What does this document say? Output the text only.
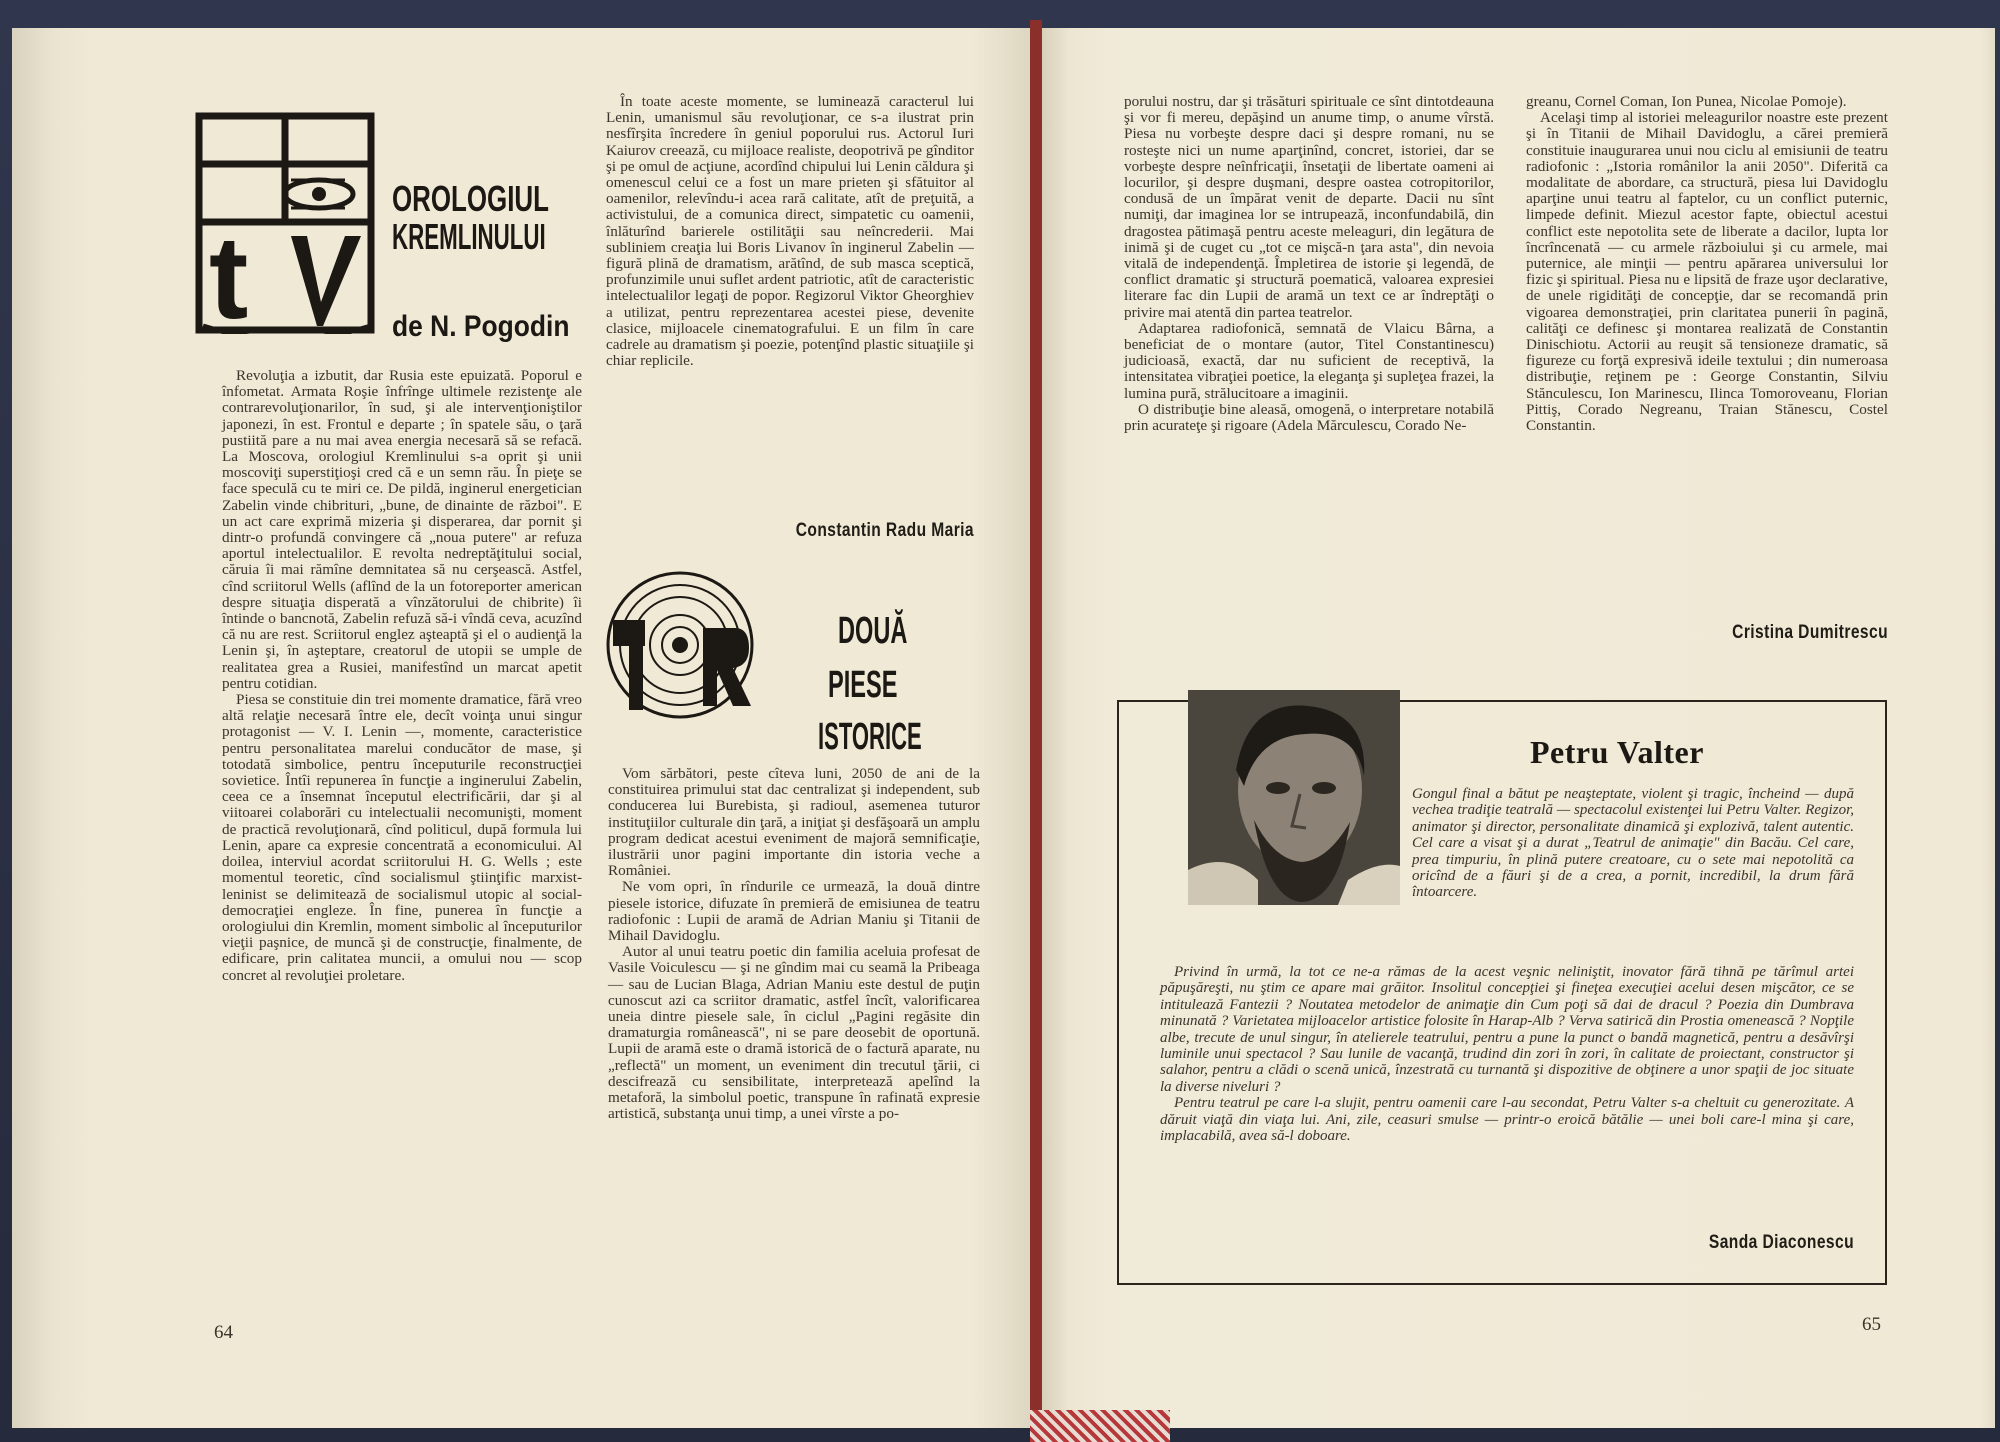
t
OROLOGIUL
KREMLINULUI
de N. Pogodin

Revoluţia a izbutit, dar Rusia este epuizată. Poporul e înfometat. Armata Roşie înfrînge ultimele rezistenţe ale contrarevoluţionarilor, în sud, şi ale intervenţioniştilor japonezi, în est. Frontul e departe ; în spatele său, o ţară pustiită pare a nu mai avea energia necesară să se refacă. La Moscova, orologiul Kremlinului s-a oprit şi unii moscoviţi superstiţioşi cred că e un semn rău. În pieţe se face speculă cu te miri ce. De pildă, inginerul energetician Zabelin vinde chibrituri, „bune, de dinainte de război". E un act care exprimă mizeria şi disperarea, dar pornit şi dintr-o profundă convingere că „noua putere" ar refuza aportul intelectualilor. E revolta nedreptăţitului social, căruia îi mai rămîne demnitatea să nu cerşească. Astfel, cînd scriitorul Wells (aflînd de la un fotoreporter american despre situaţia disperată a vînzătorului de chibrite) îi întinde o bancnotă, Zabelin refuză să-i vîndă ceva, acuzînd că nu are rest. Scriitorul englez aşteaptă şi el o audienţă la Lenin şi, în aşteptare, creatorul de utopii se umple de realitatea grea a Rusiei, manifestînd un marcat apetit pentru cotidian.

Piesa se constituie din trei momente dramatice, fără vreo altă relaţie necesară între ele, decît voinţa unui singur protagonist — V. I. Lenin —, momente, caracteristice pentru personalitatea marelui conducător de mase, şi totodată simbolice, pentru începuturile reconstrucţiei sovietice. Întîi repunerea în funcţie a inginerului Zabelin, ceea ce a însemnat începutul electrificării, dar şi al viitoarei colaborări cu intelectualii necomunişti, moment de practică revoluţionară, cînd politicul, după formula lui Lenin, apare ca expresie concentrată a economicului. Al doilea, interviul acordat scriitorului H. G. Wells ; este momentul teoretic, cînd socialismul ştiinţific marxist-leninist se delimitează de socialismul utopic al social-democraţiei engleze. În fine, punerea în funcţie a orologiului din Kremlin, moment simbolic al începuturilor vieţii paşnice, de muncă şi de construcţie, finalmente, de edificare, prin calitatea muncii, a omului nou — scop concret al revoluţiei proletare.

În toate aceste momente, se luminează caracterul lui Lenin, umanismul său revoluţionar, ce s-a ilustrat prin nesfîrşita încredere în geniul poporului rus. Actorul Iuri Kaiurov creează, cu mijloace realiste, deopotrivă pe gînditor şi pe omul de acţiune, acordînd chipului lui Lenin căldura şi omenescul celui ce a fost un mare prieten şi sfătuitor al oamenilor, relevîndu-i acea rară calitate, atît de preţuită, a activistului, de a comunica direct, simpatetic cu oamenii, înlăturînd barierele ostilităţii sau neîncrederii. Mai subliniem creaţia lui Boris Livanov în inginerul Zabelin — figură plină de dramatism, arătînd, de sub masca sceptică, profunzimile unui suflet ardent patriotic, atît de caracteristic intelectualilor legaţi de popor. Regizorul Viktor Gheorghiev a utilizat, pentru reprezentarea acestei piese, devenite clasice, mijloacele cinematografului. E un film în care cadrele au dramatism şi poezie, potenţînd plastic situaţiile şi chiar replicile.

Constantin Radu Maria
DOUĂ
PIESE
ISTORICE

Vom sărbători, peste cîteva luni, 2050 de ani de la constituirea primului stat dac centralizat şi independent, sub conducerea lui Burebista, şi radioul, asemenea tuturor instituţiilor culturale din ţară, a iniţiat şi desfăşoară un amplu program dedicat acestui eveniment de majoră semnificaţie, ilustrării unor pagini importante din istoria veche a României.

Ne vom opri, în rîndurile ce urmează, la două dintre piesele istorice, difuzate în premieră de emisiunea de teatru radiofonic : Lupii de aramă de Adrian Maniu şi Titanii de Mihail Davidoglu.

Autor al unui teatru poetic din familia aceluia profesat de Vasile Voiculescu — şi ne gîndim mai cu seamă la Pribeagа — sau de Lucian Blaga, Adrian Maniu este destul de puţin cunoscut azi ca scriitor dramatic, astfel încît, valorificarea uneia dintre piesele sale, în ciclul „Pagini regăsite din dramaturgia românească", ni se pare deosebit de oportună. Lupii de aramă este o dramă istorică de o factură aparate, nu „reflectă" un moment, un eveniment din trecutul ţării, ci descifrează cu sensibilitate, interpretează apelînd la metaforă, la simbolul poetic, transpune în rafinată expresie artistică, substanţa unui timp, a unei vîrste a po-

64

porului nostru, dar şi trăsături spirituale ce sînt dintotdeauna şi vor fi mereu, depăşind un anume timp, o anume vîrstă. Piesa nu vorbeşte despre daci şi despre romani, nu se rosteşte nici un nume aparţinînd, concret, istoriei, dar se vorbeşte despre neînfricaţii, însetaţii de libertate oameni ai locurilor, şi despre duşmani, despre oastea cotropitorilor, condusă de un împărat venit de departe. Dacii nu sînt numiţi, dar imaginea lor se intrupează, inconfundabilă, din dragostea pătimaşă pentru aceste meleaguri, din legătura de inimă şi de cuget cu „tot ce mişcă-n ţara asta", din nevoia vitală de independenţă. Împletirea de istorie şi legendă, de conflict dramatic şi structură poematică, valoarea expresiei literare fac din Lupii de aramă un text ce ar îndreptăţi o privire mai atentă din partea teatrelor.

Adaptarea radiofonică, semnată de Vlaicu Bârna, a beneficiat de o montare (autor, Titel Constantinescu) judicioasă, exactă, dar nu suficient de receptivă, la intensitatea vibraţiei poetice, la eleganţa şi supleţea frazei, la lumina pură, strălucitoare a imaginii.

O distribuţie bine aleasă, omogenă, o interpretare notabilă prin acurateţe şi rigoare (Adela Mărculescu, Corado Ne-

greanu, Cornel Coman, Ion Punea, Nicolae Pomoje).

Acelaşi timp al istoriei meleagurilor noastre este prezent şi în Titanii de Mihail Davidoglu, a cărei premieră constituie inaugurarea unui nou ciclu al emisiunii de teatru radiofonic : „Istoria românilor la anii 2050". Diferită ca modalitate de abordare, ca structură, piesa lui Davidoglu aparţine unui teatru al faptelor, cu un conflict puternic, limpede definit. Miezul acestor fapte, obiectul acestui conflict este nepotolita sete de liberate a dacilor, lupta lor încrîncenată — cu armele războiului şi cu armele, mai puternice, ale minţii — pentru apărarea universului lor fizic şi spiritual. Piesa nu e lipsită de fraze uşor declarative, de unele rigidităţi de concepţie, dar se recomandă prin vigoarea demonstraţiei, prin claritatea punerii în pagină, calităţi ce definesc şi montarea realizată de Constantin Dinischiotu. Actorii au reuşit să tensioneze dramatic, să figureze cu forţă expresivă ideile textului ; din numeroasa distribuţie, reţinem pe : George Constantin, Silviu Stănculescu, Ion Marinescu, Ilinca Tomoroveanu, Florian Pittiş, Corado Negreanu, Traian Stănescu, Costel Constantin.

Cristina Dumitrescu
Petru Valter
Gongul final a bătut pe neaşteptate, violent şi tragic, încheind — după vechea tradiţie teatrală — spectacolul existenţei lui Petru Valter. Regizor, animator şi director, personalitate dinamică şi explozivă, talent autentic. Cel care a visat şi a durat „Teatrul de animaţie" din Bacău. Cel care, prea timpuriu, în plină putere creatoare, cu o sete mai nepotolită ca oricînd de a făuri şi de a crea, a pornit, incredibil, la drum fără întoarcere.

Privind în urmă, la tot ce ne-a rămas de la acest veşnic neliniştit, inovator fără tihnă pe tărîmul artei păpuşăreşti, nu ştim ce apare mai grăitor. Insolitul concepţiei şi fineţea execuţiei acelui desen mişcător, ce se intitulează Fantezii ? Noutatea metodelor de animaţie din Cum poţi să dai de dracul ? Poezia din Dumbrava minunată ? Varietatea mijloacelor artistice folosite în Harap-Alb ? Verva satirică din Prostia omenească ? Nopţile albe, trecute de unul singur, în atelierele teatrului, pentru a pune la punct o bandă magnetică, pentru a desăvîrşi luminile unui spectacol ? Sau lunile de vacanţă, trudind din zori în zori, în calitate de proiectant, constructor şi salahor, pentru a clădi o scenă unică, înzestrată cu turnantă şi dispozitive de obţinere a unor spaţii de joc situate la diverse niveluri ?

Pentru teatrul pe care l-a slujit, pentru oamenii care l-au secondat, Petru Valter s-a cheltuit cu generozitate. A dăruit viaţă din viaţa lui. Ani, zile, ceasuri smulse — printr-o eroică bătălie — unei boli care-l mina şi care, implacabilă, avea să-l doboare.

Sanda Diaconescu
65
